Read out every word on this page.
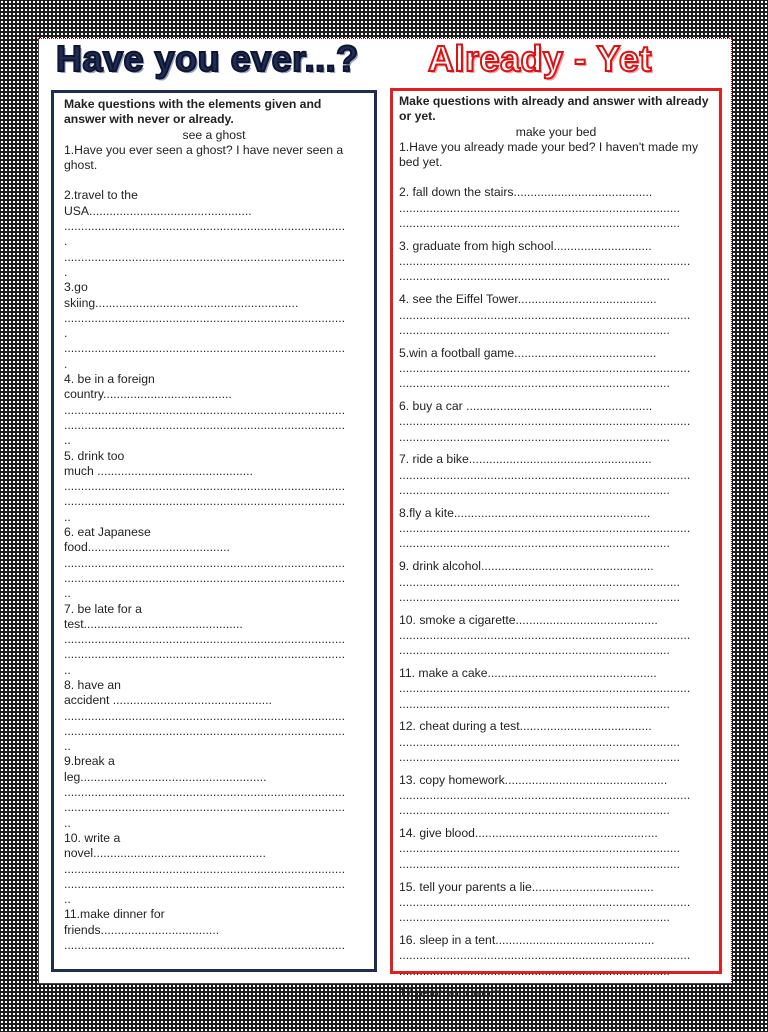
Have you ever...? Already - Yet

Make questions with the elements given and answer with never or already.

see a ghost

1.Have you ever seen a ghost? I have never seen a ghost.

2.travel to the

USA................................................

...................................................................................

.

...................................................................................

.

3.go

skiing............................................................

...................................................................................

.

...................................................................................

.

4. be in a foreign

country......................................

...................................................................................

...................................................................................

..

5. drink too

much ..............................................

...................................................................................

...................................................................................

..

6. eat Japanese

food..........................................

...................................................................................

...................................................................................

..

7. be late for a

test...............................................

...................................................................................

...................................................................................

..

8. have an

accident ...............................................

...................................................................................

...................................................................................

..

9.break a

leg.......................................................

...................................................................................

...................................................................................

..

10. write a

novel...................................................

...................................................................................

...................................................................................

..

11.make dinner for

friends...................................

...................................................................................

Make questions with already and answer with already or yet.

make your bed

1.Have you already made your bed? I haven't made my bed yet.

2. fall down the stairs.........................................

...................................................................................

...................................................................................

3. graduate from high school.............................

......................................................................................

................................................................................

4. see the Eiffel Tower.........................................

......................................................................................

................................................................................

5.win a football game..........................................

......................................................................................

................................................................................

6. buy a car .......................................................

......................................................................................

................................................................................

7. ride a bike......................................................

......................................................................................

................................................................................

8.fly a kite..........................................................

......................................................................................

................................................................................

9. drink alcohol...................................................

...................................................................................

...................................................................................

10. smoke a cigarette..........................................

......................................................................................

................................................................................

11. make a cake..................................................

......................................................................................

................................................................................

12. cheat during a test.......................................

...................................................................................

...................................................................................

13. copy homework................................................

......................................................................................

................................................................................

14. give blood......................................................

...................................................................................

...................................................................................

15. tell your parents a lie....................................

......................................................................................

................................................................................

16. sleep in a tent...............................................

......................................................................................

................................................................................

17.paint your room..............................................

...................................................................................

................................................................................
